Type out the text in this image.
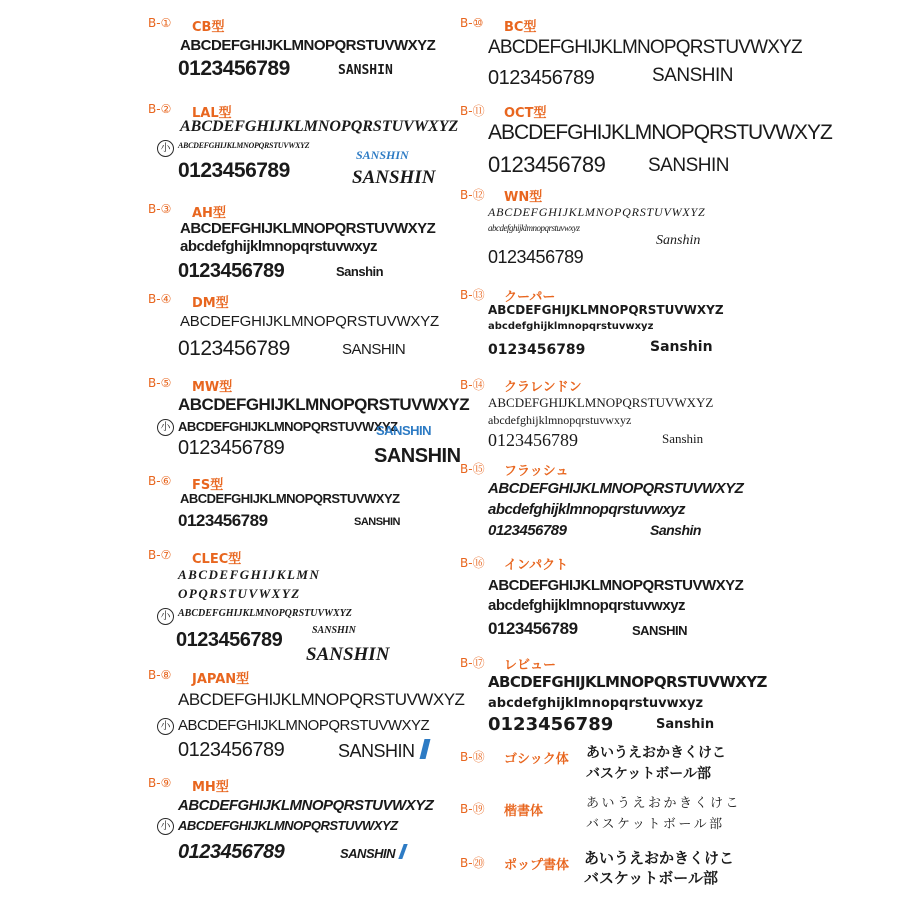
B-① CB型
ABCDEFGHIJKLMNOPQRSTUVWXYZ
0123456789	SANSHIN
B-② LAL型
ABCDEFGHIJKLMNOPQRSTUVWXYZ
小 ABCDEFGHIJKLMNOPQRSTUVWXYZ
0123456789
SANSHIN
SANSHIN
B-③ AH型
ABCDEFGHIJKLMNOPQRSTUVWXYZ
abcdefghijklmnopqrstuvwxyz
0123456789	Sanshin
B-④ DM型
ABCDEFGHIJKLMNOPQRSTUVWXYZ
0123456789	SANSHIN
B-⑤ MW型
ABCDEFGHIJKLMNOPQRSTUVWXYZ
小 ABCDEFGHIJKLMNOPQRSTUVWXYZ
0123456789
SANSHIN
SANSHIN
B-⑥ FS型
ABCDEFGHIJKLMNOPQRSTUVWXYZ
0123456789	SANSHIN
B-⑦ CLEC型
ABCDEFGHIJKLMN
OPQRSTUVWXYZ
小 ABCDEFGHIJKLMNOPQRSTUVWXYZ
0123456789	SANSHIN
SANSHIN
B-⑧ JAPAN型
ABCDEFGHIJKLMNOPQRSTUVWXYZ
小 ABCDEFGHIJKLMNOPQRSTUVWXYZ
0123456789	SANSHIN
B-⑨ MH型
ABCDEFGHIJKLMNOPQRSTUVWXYZ
小 ABCDEFGHIJKLMNOPQRSTUVWXYZ
0123456789	SANSHIN
B-⑩ BC型
ABCDEFGHIJKLMNOPQRSTUVWXYZ
0123456789	SANSHIN
B-⑪ OCT型
ABCDEFGHIJKLMNOPQRSTUVWXYZ
0123456789 SANSHIN
B-⑫ WN型
ABCDEFGHIJKLMNOPQRSTUVWXYZ
abcdefghijklmnopqrstuvwxyz
0123456789
Sanshin
B-⑬ クーパー
ABCDEFGHIJKLMNOPQRSTUVWXYZ
abcdefghijklmnopqrstuvwxyz
0123456789	Sanshin
B-⑭ クラレンドン
ABCDEFGHIJKLMNOPQRSTUVWXYZ
abcdefghijklmnopqrstuvwxyz
0123456789	Sanshin
B-⑮ フラッシュ
ABCDEFGHIJKLMNOPQRSTUVWXYZ
abcdefghijklmnopqrstuvwxyz
0123456789	Sanshin
B-⑯ インパクト
ABCDEFGHIJKLMNOPQRSTUVWXYZ
abcdefghijklmnopqrstuvwxyz
0123456789	SANSHIN
B-⑰ レビュー
ABCDEFGHIJKLMNOPQRSTUVWXYZ
abcdefghijklmnopqrstuvwxyz
0123456789	Sanshin
B-⑱ ゴシック体 あいうえおかきくけこ
バスケットボール部
B-⑲ 楷書体
あいうえおかきくけこ
バスケットボール部
B-⑳ ポップ書体 あいうえおかきくけこ
バスケットボール部
